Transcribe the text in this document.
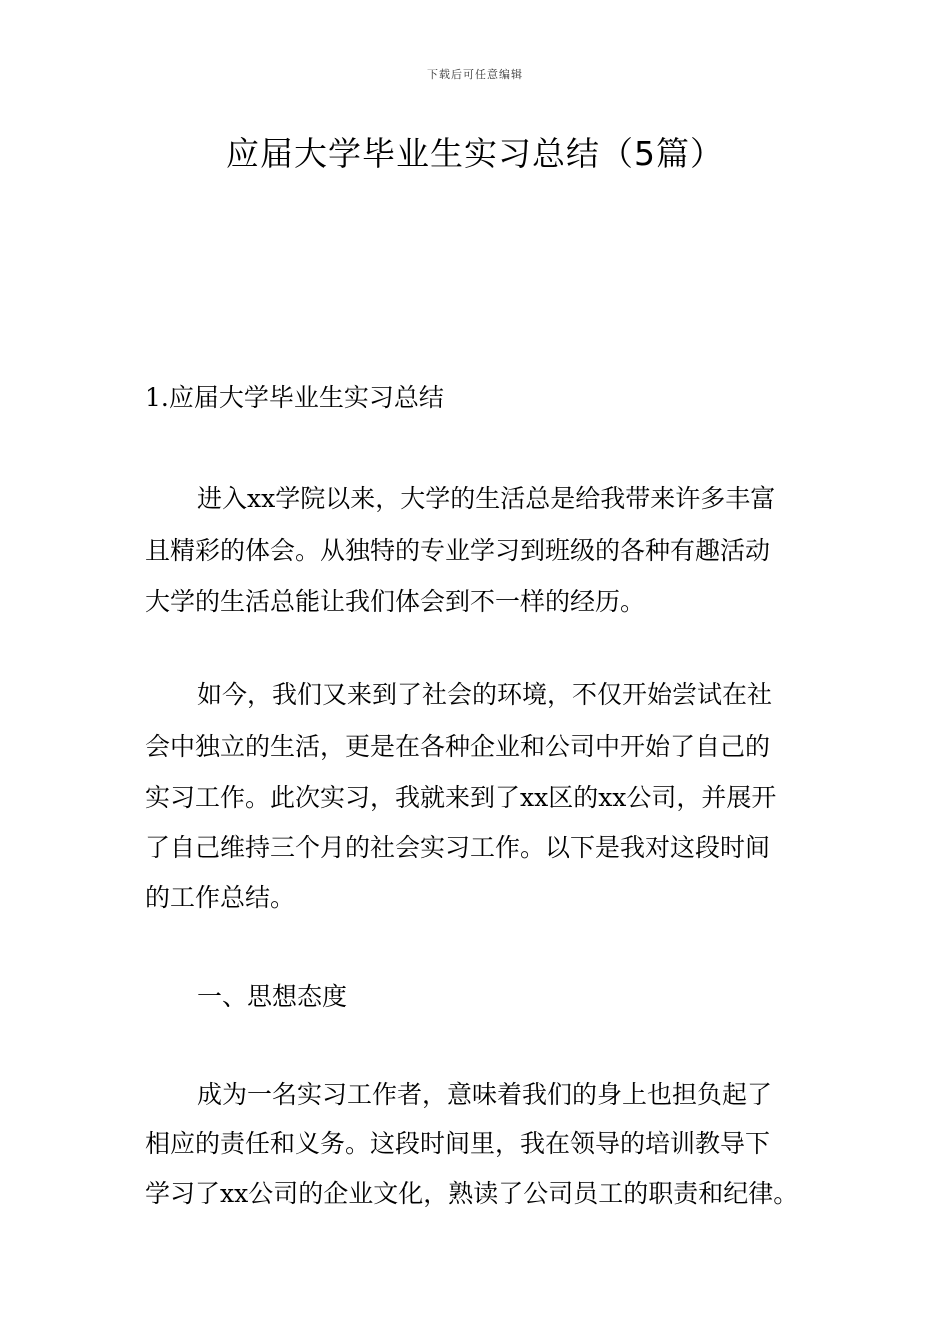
下载后可任意编辑
应届大学毕业生实习总结（5篇）
1.应届大学毕业生实习总结
进入xx学院以来，大学的生活总是给我带来许多丰富
且精彩的体会。从独特的专业学习到班级的各种有趣活动
大学的生活总能让我们体会到不一样的经历。
如今，我们又来到了社会的环境，不仅开始尝试在社
会中独立的生活，更是在各种企业和公司中开始了自己的
实习工作。此次实习，我就来到了xx区的xx公司，并展开
了自己维持三个月的社会实习工作。以下是我对这段时间
的工作总结。
一、思想态度
成为一名实习工作者，意味着我们的身上也担负起了
相应的责任和义务。这段时间里，我在领导的培训教导下
学习了xx公司的企业文化，熟读了公司员工的职责和纪律。
